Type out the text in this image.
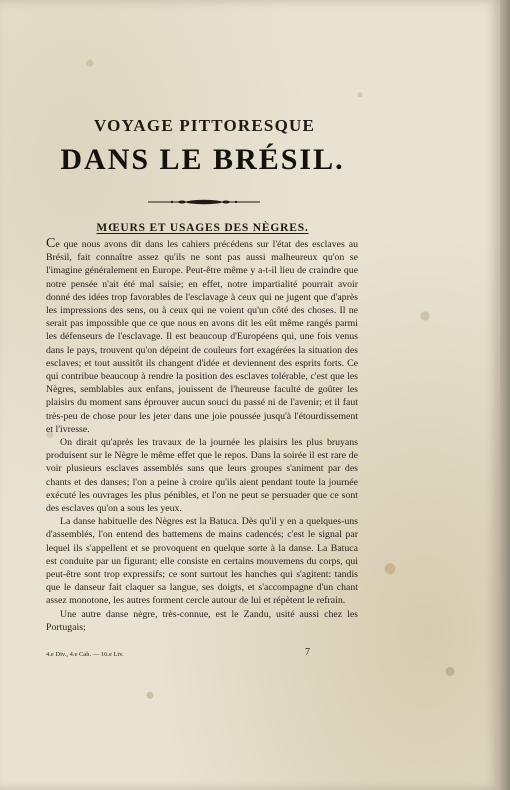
VOYAGE PITTORESQUE
DANS LE BRÉSIL.
MŒURS ET USAGES DES NÈGRES.

Ce que nous avons dit dans les cahiers précédens sur l'état des esclaves au Brésil, fait connaître assez qu'ils ne sont pas aussi malheureux qu'on se l'imagine généralement en Europe. Peut-être même y a-t-il lieu de craindre que notre pensée n'ait été mal saisie; en effet, notre impartialité pourrait avoir donné des idées trop favorables de l'esclavage à ceux qui ne jugent que d'après les impressions des sens, ou à ceux qui ne voient qu'un côté des choses. Il ne serait pas impossible que ce que nous en avons dit les eût même rangés parmi les défenseurs de l'esclavage. Il est beaucoup d'Européens qui, une fois venus dans le pays, trouvent qu'on dépeint de couleurs fort exagérées la situation des esclaves; et tout aussitôt ils changent d'idée et deviennent des esprits forts. Ce qui contribue beaucoup à rendre la position des esclaves tolérable, c'est que les Nègres, semblables aux enfans, jouissent de l'heureuse faculté de goûter les plaisirs du moment sans éprouver aucun souci du passé ni de l'avenir; et il faut très-peu de chose pour les jeter dans une joie poussée jusqu'à l'étourdissement et l'ivresse.

On dirait qu'après les travaux de la journée les plaisirs les plus bruyans produisent sur le Nègre le même effet que le repos. Dans la soirée il est rare de voir plusieurs esclaves assemblés sans que leurs groupes s'animent par des chants et des danses; l'on a peine à croire qu'ils aient pendant toute la journée exécuté les ouvrages les plus pénibles, et l'on ne peut se persuader que ce sont des esclaves qu'on a sous les yeux.

La danse habituelle des Nègres est la Batuca. Dès qu'il y en a quelques-uns d'assemblés, l'on entend des battemens de mains cadencés; c'est le signal par lequel ils s'appellent et se provoquent en quelque sorte à la danse. La Batuca est conduite par un figurant; elle consiste en certains mouvemens du corps, qui peut-être sont trop expressifs; ce sont surtout les hanches qui s'agitent: tandis que le danseur fait claquer sa langue, ses doigts, et s'accompagne d'un chant assez monotone, les autres forment cercle autour de lui et répètent le refrain.

Une autre danse nègre, très-connue, est le Zandu, usité aussi chez les Portugais;

4.e Div., 4.e Cah. — 16.e Liv.	7
